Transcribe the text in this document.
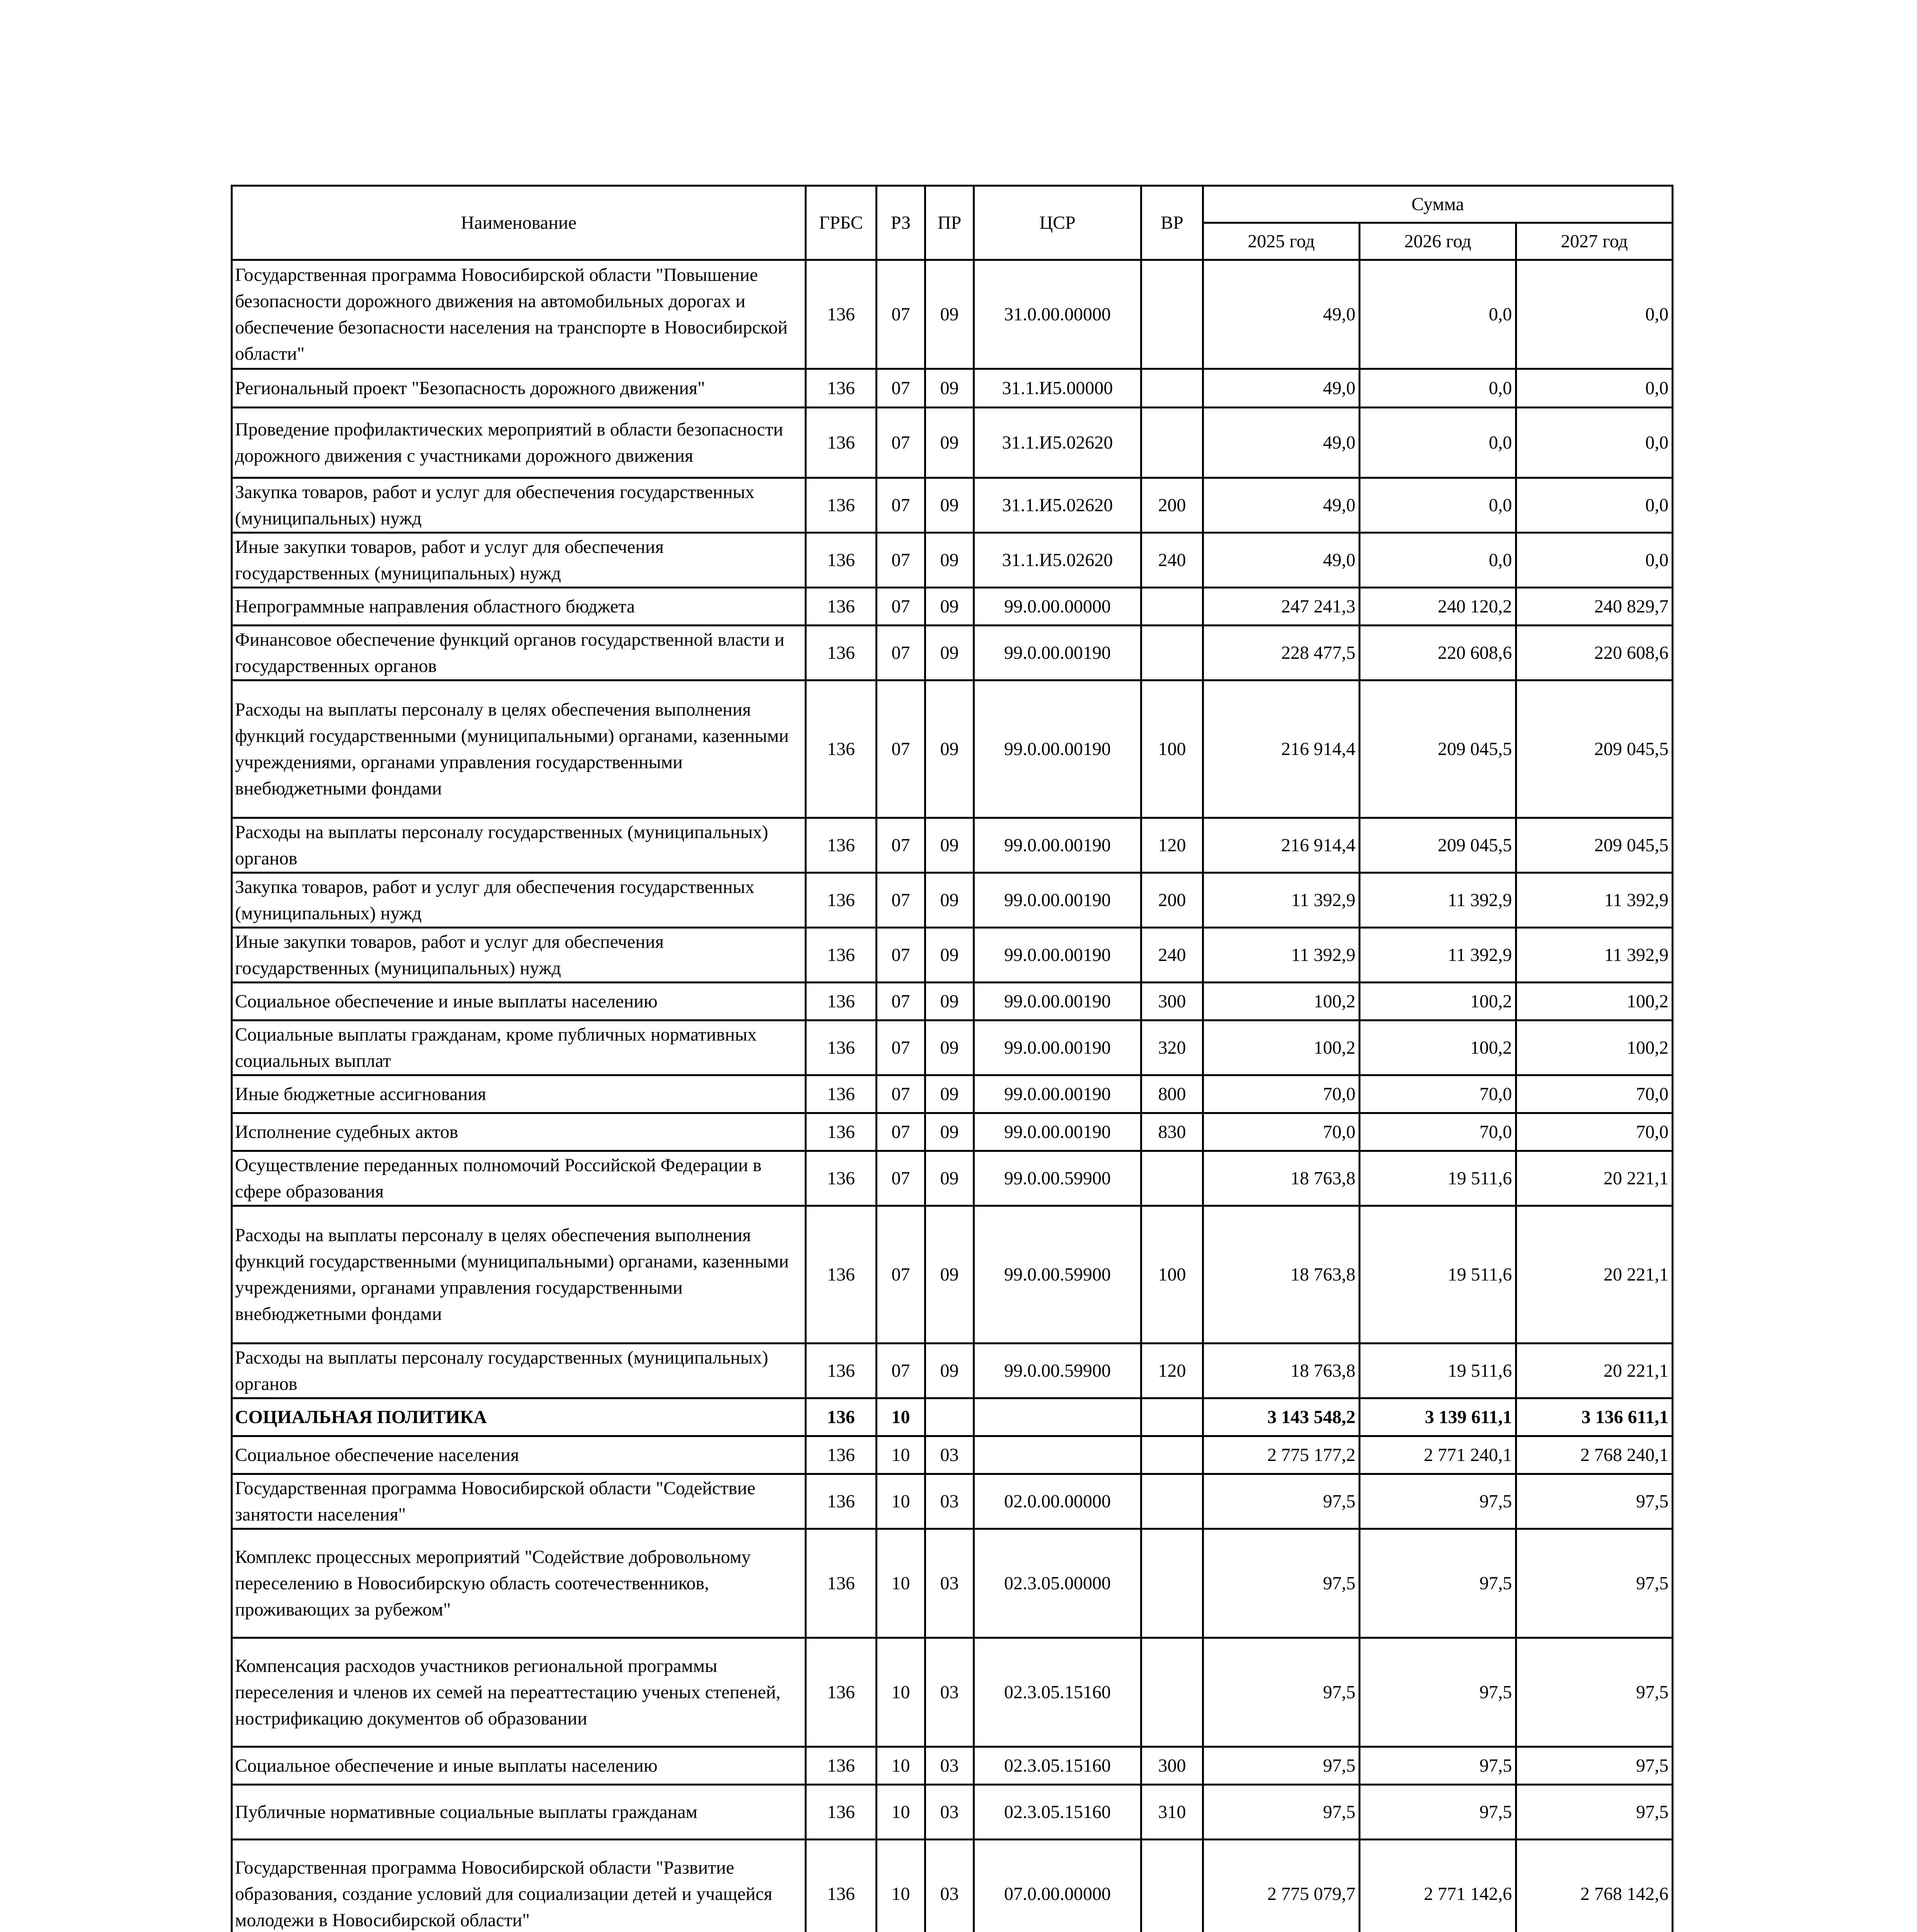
Наименование	ГРБС	РЗ	ПР	ЦСР	ВР	Сумма		
						2025 год	2026 год	2027 год
Государственная программа Новосибирской области "Повышение безопасности дорожного движения на автомобильных дорогах и обеспечение безопасности населения на транспорте в Новосибирской области"	136	07	09	31.0.00.00000		49,0	0,0	0,0
Региональный проект "Безопасность дорожного движения"	136	07	09	31.1.И5.00000		49,0	0,0	0,0
Проведение профилактических мероприятий в области безопасности дорожного движения с участниками дорожного движения	136	07	09	31.1.И5.02620		49,0	0,0	0,0
Закупка товаров, работ и услуг для обеспечения государственных (муниципальных) нужд	136	07	09	31.1.И5.02620	200	49,0	0,0	0,0
Иные закупки товаров, работ и услуг для обеспечения государственных (муниципальных) нужд	136	07	09	31.1.И5.02620	240	49,0	0,0	0,0
Непрограммные направления областного бюджета	136	07	09	99.0.00.00000		247 241,3	240 120,2	240 829,7
Финансовое обеспечение функций органов государственной власти и государственных органов	136	07	09	99.0.00.00190		228 477,5	220 608,6	220 608,6
Расходы на выплаты персоналу в целях обеспечения выполнения функций государственными (муниципальными) органами, казенными учреждениями, органами управления государственными внебюджетными фондами	136	07	09	99.0.00.00190	100	216 914,4	209 045,5	209 045,5
Расходы на выплаты персоналу государственных (муниципальных) органов	136	07	09	99.0.00.00190	120	216 914,4	209 045,5	209 045,5
Закупка товаров, работ и услуг для обеспечения государственных (муниципальных) нужд	136	07	09	99.0.00.00190	200	11 392,9	11 392,9	11 392,9
Иные закупки товаров, работ и услуг для обеспечения государственных (муниципальных) нужд	136	07	09	99.0.00.00190	240	11 392,9	11 392,9	11 392,9
Социальное обеспечение и иные выплаты населению	136	07	09	99.0.00.00190	300	100,2	100,2	100,2
Социальные выплаты гражданам, кроме публичных нормативных социальных выплат	136	07	09	99.0.00.00190	320	100,2	100,2	100,2
Иные бюджетные ассигнования	136	07	09	99.0.00.00190	800	70,0	70,0	70,0
Исполнение судебных актов	136	07	09	99.0.00.00190	830	70,0	70,0	70,0
Осуществление переданных полномочий Российской Федерации в сфере образования	136	07	09	99.0.00.59900		18 763,8	19 511,6	20 221,1
Расходы на выплаты персоналу в целях обеспечения выполнения функций государственными (муниципальными) органами, казенными учреждениями, органами управления государственными внебюджетными фондами	136	07	09	99.0.00.59900	100	18 763,8	19 511,6	20 221,1
Расходы на выплаты персоналу государственных (муниципальных) органов	136	07	09	99.0.00.59900	120	18 763,8	19 511,6	20 221,1
СОЦИАЛЬНАЯ ПОЛИТИКА	136	10				3 143 548,2	3 139 611,1	3 136 611,1
Социальное обеспечение населения	136	10	03			2 775 177,2	2 771 240,1	2 768 240,1
Государственная программа Новосибирской области "Содействие занятости населения"	136	10	03	02.0.00.00000		97,5	97,5	97,5
Комплекс процессных мероприятий "Содействие добровольному переселению в Новосибирскую область соотечественников, проживающих за рубежом"	136	10	03	02.3.05.00000		97,5	97,5	97,5
Компенсация расходов участников региональной программы переселения и членов их семей на переаттестацию ученых степеней, нострификацию документов об образовании	136	10	03	02.3.05.15160		97,5	97,5	97,5
Социальное обеспечение и иные выплаты населению	136	10	03	02.3.05.15160	300	97,5	97,5	97,5
Публичные нормативные социальные выплаты гражданам	136	10	03	02.3.05.15160	310	97,5	97,5	97,5
Государственная программа Новосибирской области "Развитие образования, создание условий для социализации детей и учащейся молодежи в Новосибирской области"	136	10	03	07.0.00.00000		2 775 079,7	2 771 142,6	2 768 142,6
